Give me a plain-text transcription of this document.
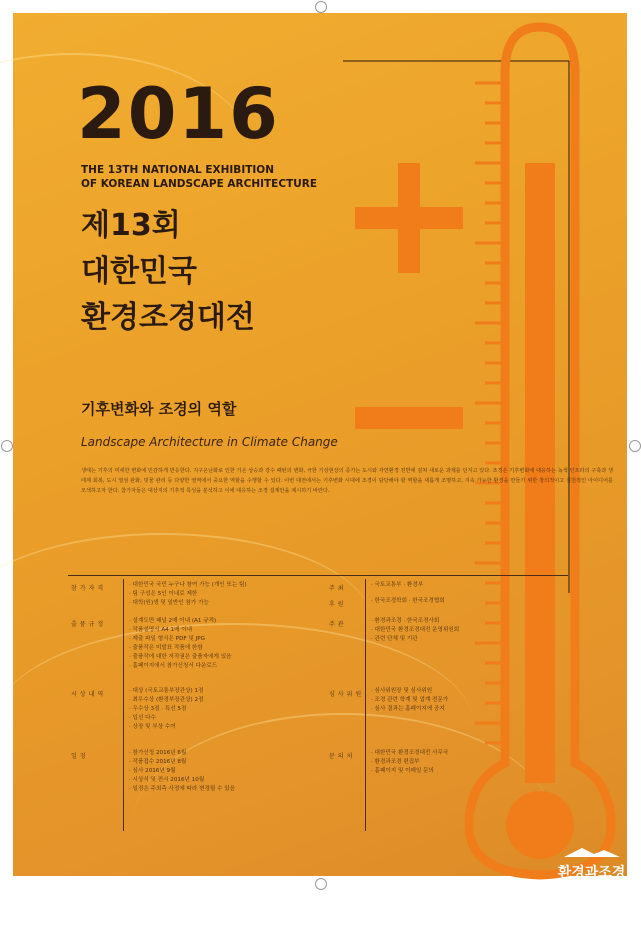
2016
THE 13TH NATIONAL EXHIBITION
OF KOREAN LANDSCAPE ARCHITECTURE
제13회
대한민국
환경조경대전
기후변화와 조경의 역할
Landscape Architecture in Climate Change
생태는 기후의 미세한 변화에 민감하게 반응한다. 지구온난화로 인한 기온 상승과 강수 패턴의 변화, 극한 기상현상의 증가는 도시와 자연환경 전반에 걸쳐 새로운 과제를 던지고 있다. 조경은 기후변화에 대응하는 녹색 인프라의 구축과 생태계 회복, 도시 열섬 완화, 빗물 관리 등 다양한 영역에서 중요한 역할을 수행할 수 있다. 이번 대전에서는 기후변화 시대에 조경이 담당해야 할 역할을 새롭게 조명하고, 지속 가능한 환경을 만들기 위한 창의적이고 실천적인 아이디어를 모색하고자 한다. 참가자들은 대상지의 기후적 특성을 분석하고 이에 대응하는 조경 설계안을 제시하기 바란다.
참가자격
출품규정
시상내역
일정
· 대한민국 국민 누구나 참여 가능 (개인 또는 팀)
· 팀 구성은 5인 이내로 제한
· 대학(원)생 및 일반인 참가 가능
· 설계도면 패널 2매 이내 (A1 규격)
· 작품설명서 A4 1매 이내
· 제출 파일 형식은 PDF 및 JPG
· 출품작은 미발표 작품에 한함
· 출품작에 대한 저작권은 출품자에게 있음
· 홈페이지에서 참가신청서 다운로드
· 대상 (국토교통부장관상) 1점
· 최우수상 (환경부장관상) 2점
· 우수상 3점 · 특선 5점
· 입선 다수
· 상장 및 부상 수여
· 참가신청 2016년 6월
· 작품접수 2016년 8월
· 심사 2016년 9월
· 시상식 및 전시 2016년 10월
· 일정은 주최측 사정에 따라 변경될 수 있음
주최
후원
주관
심사위원
문의처
· 국토교통부 · 환경부
· 한국조경학회 · 한국조경협회
· 환경과조경 · 한국조경사회
· 대한민국 환경조경대전 운영위원회
· 관련 단체 및 기관
· 심사위원장 및 심사위원
· 조경 관련 학계 및 업계 전문가
· 심사 결과는 홈페이지에 공지
· 대한민국 환경조경대전 사무국
· 환경과조경 편집부
· 홈페이지 및 이메일 문의
환경과조경
landscape architecture korea
